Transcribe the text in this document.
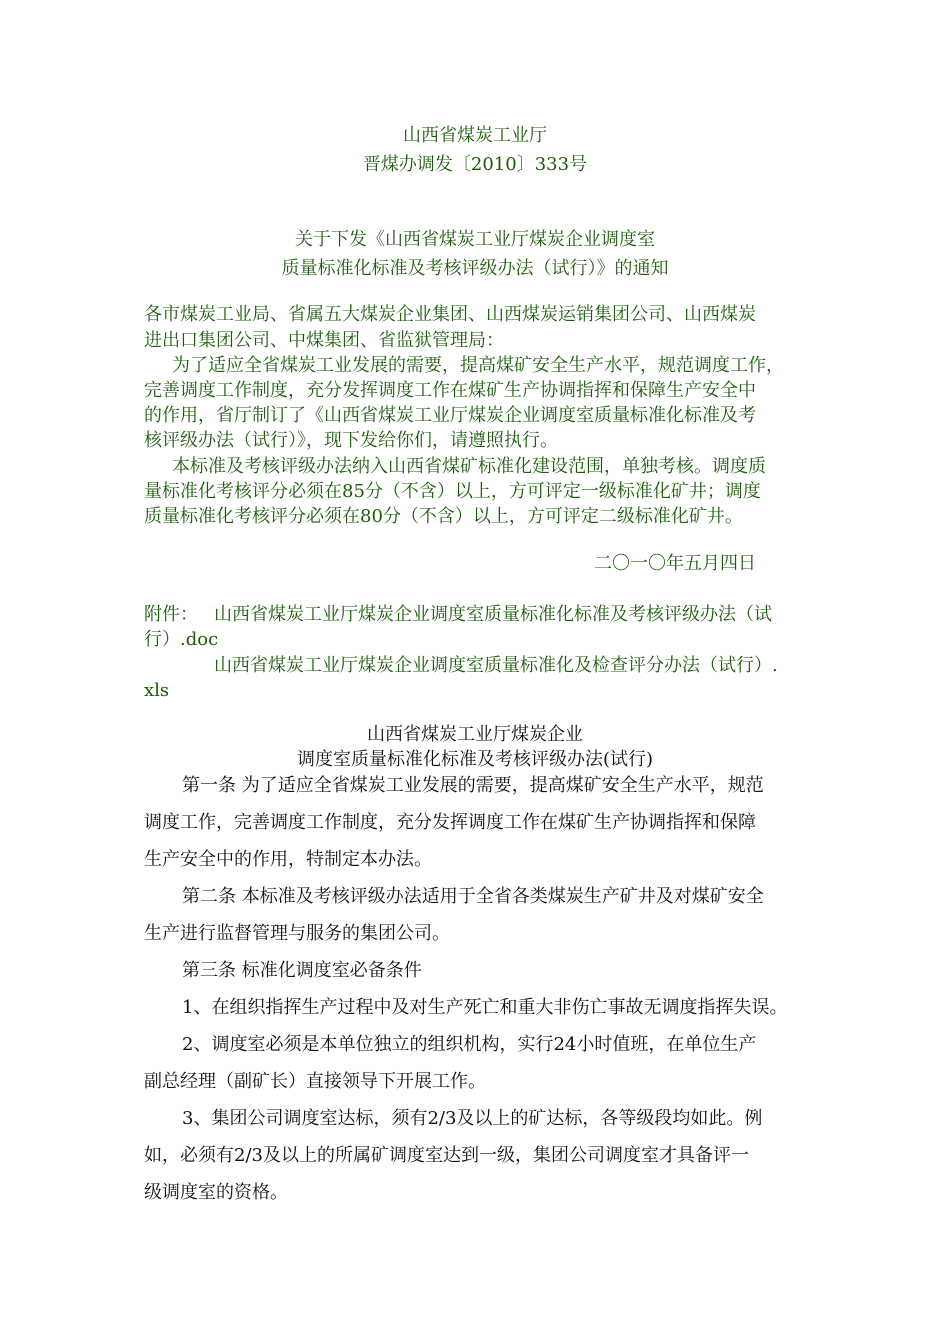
山西省煤炭工业厅
晋煤办调发〔2010〕333号
关于下发《山西省煤炭工业厅煤炭企业调度室
质量标准化标准及考核评级办法（试行）》的通知
各市煤炭工业局、省属五大煤炭企业集团、山西煤炭运销集团公司、山西煤炭
进出口集团公司、中煤集团、省监狱管理局：
为了适应全省煤炭工业发展的需要，提高煤矿安全生产水平，规范调度工作，
完善调度工作制度，充分发挥调度工作在煤矿生产协调指挥和保障生产安全中
的作用，省厅制订了《山西省煤炭工业厅煤炭企业调度室质量标准化标准及考
核评级办法（试行）》，现下发给你们，请遵照执行。
本标准及考核评级办法纳入山西省煤矿标准化建设范围，单独考核。调度质
量标准化考核评分必须在85分（不含）以上，方可评定一级标准化矿井；调度
质量标准化考核评分必须在80分（不含）以上，方可评定二级标准化矿井。
二〇一〇年五月四日
附件： 山西省煤炭工业厅煤炭企业调度室质量标准化标准及考核评级办法（试
行）.doc
山西省煤炭工业厅煤炭企业调度室质量标准化及检查评分办法（试行）.
xls
山西省煤炭工业厅煤炭企业
调度室质量标准化标准及考核评级办法(试行)
第一条 为了适应全省煤炭工业发展的需要，提高煤矿安全生产水平，规范
调度工作，完善调度工作制度，充分发挥调度工作在煤矿生产协调指挥和保障
生产安全中的作用，特制定本办法。
第二条 本标准及考核评级办法适用于全省各类煤炭生产矿井及对煤矿安全
生产进行监督管理与服务的集团公司。
第三条 标准化调度室必备条件
1、在组织指挥生产过程中及对生产死亡和重大非伤亡事故无调度指挥失误。
2、调度室必须是本单位独立的组织机构，实行24小时值班，在单位生产
副总经理（副矿长）直接领导下开展工作。
3、集团公司调度室达标，须有2/3及以上的矿达标，各等级段均如此。例
如，必须有2/3及以上的所属矿调度室达到一级，集团公司调度室才具备评一
级调度室的资格。
